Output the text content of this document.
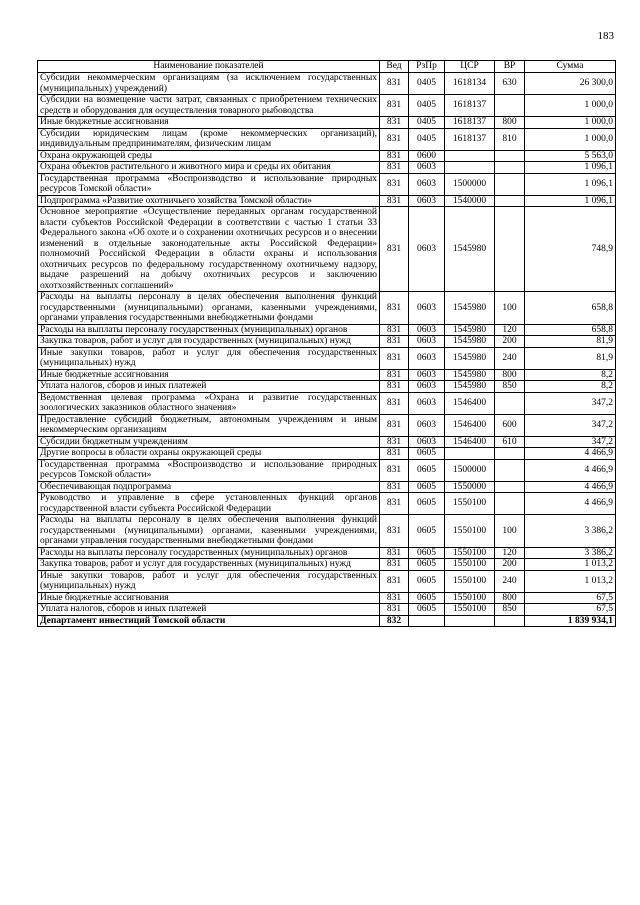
183
Наименование показателей	Вед	РзПр	ЦСР	ВР	Сумма
Субсидии некоммерческим организациям (за исключением государственных (муниципальных) учреждений)	831	0405	1618134	630	26 300,0
Субсидии на возмещение части затрат, связанных с приобретением технических средств и оборудования для осуществления товарного рыбоводства	831	0405	1618137		1 000,0
Иные бюджетные ассигнования	831	0405	1618137	800	1 000,0
Субсидии юридическим лицам (кроме некоммерческих организаций), индивидуальным предпринимателям, физическим лицам	831	0405	1618137	810	1 000,0
Охрана окружающей среды	831	0600			5 563,0
Охрана объектов растительного и животного мира и среды их обитания	831	0603			1 096,1
Государственная программа «Воспроизводство и использование природных ресурсов Томской области»	831	0603	1500000		1 096,1
Подпрограмма «Развитие охотничьего хозяйства Томской области»	831	0603	1540000		1 096,1
Основное мероприятие «Осуществление переданных органам государственной власти субъектов Российской Федерации в соответствии с частью 1 статьи 33 Федерального закона «Об охоте и о сохранении охотничьих ресурсов и о внесении изменений в отдельные законодательные акты Российской Федерации» полномочий Российской Федерации в области охраны и использования охотничьих ресурсов по федеральному государственному охотничьему надзору, выдаче разрешений на добычу охотничьих ресурсов и заключению охотхозяйственных соглашений»	831	0603	1545980		748,9
Расходы на выплаты персоналу в целях обеспечения выполнения функций государственными (муниципальными) органами, казенными учреждениями, органами управления государственными внебюджетными фондами	831	0603	1545980	100	658,8
Расходы на выплаты персоналу государственных (муниципальных) органов	831	0603	1545980	120	658,8
Закупка товаров, работ и услуг для государственных (муниципальных) нужд	831	0603	1545980	200	81,9
Иные закупки товаров, работ и услуг для обеспечения государственных (муниципальных) нужд	831	0603	1545980	240	81,9
Иные бюджетные ассигнования	831	0603	1545980	800	8,2
Уплата налогов, сборов и иных платежей	831	0603	1545980	850	8,2
Ведомственная целевая программа «Охрана и развитие государственных зоологических заказников областного значения»	831	0603	1546400		347,2
Предоставление субсидий бюджетным, автономным учреждениям и иным некоммерческим организациям	831	0603	1546400	600	347,2
Субсидии бюджетным учреждениям	831	0603	1546400	610	347,2
Другие вопросы в области охраны окружающей среды	831	0605			4 466,9
Государственная программа «Воспроизводство и использование природных ресурсов Томской области»	831	0605	1500000		4 466,9
Обеспечивающая подпрограмма	831	0605	1550000		4 466,9
Руководство и управление в сфере установленных функций органов государственной власти субъекта Российской Федерации	831	0605	1550100		4 466,9
Расходы на выплаты персоналу в целях обеспечения выполнения функций государственными (муниципальными) органами, казенными учреждениями, органами управления государственными внебюджетными фондами	831	0605	1550100	100	3 386,2
Расходы на выплаты персоналу государственных (муниципальных) органов	831	0605	1550100	120	3 386,2
Закупка товаров, работ и услуг для государственных (муниципальных) нужд	831	0605	1550100	200	1 013,2
Иные закупки товаров, работ и услуг для обеспечения государственных (муниципальных) нужд	831	0605	1550100	240	1 013,2
Иные бюджетные ассигнования	831	0605	1550100	800	67,5
Уплата налогов, сборов и иных платежей	831	0605	1550100	850	67,5
Департамент инвестиций Томской области	832				1 839 934,1
